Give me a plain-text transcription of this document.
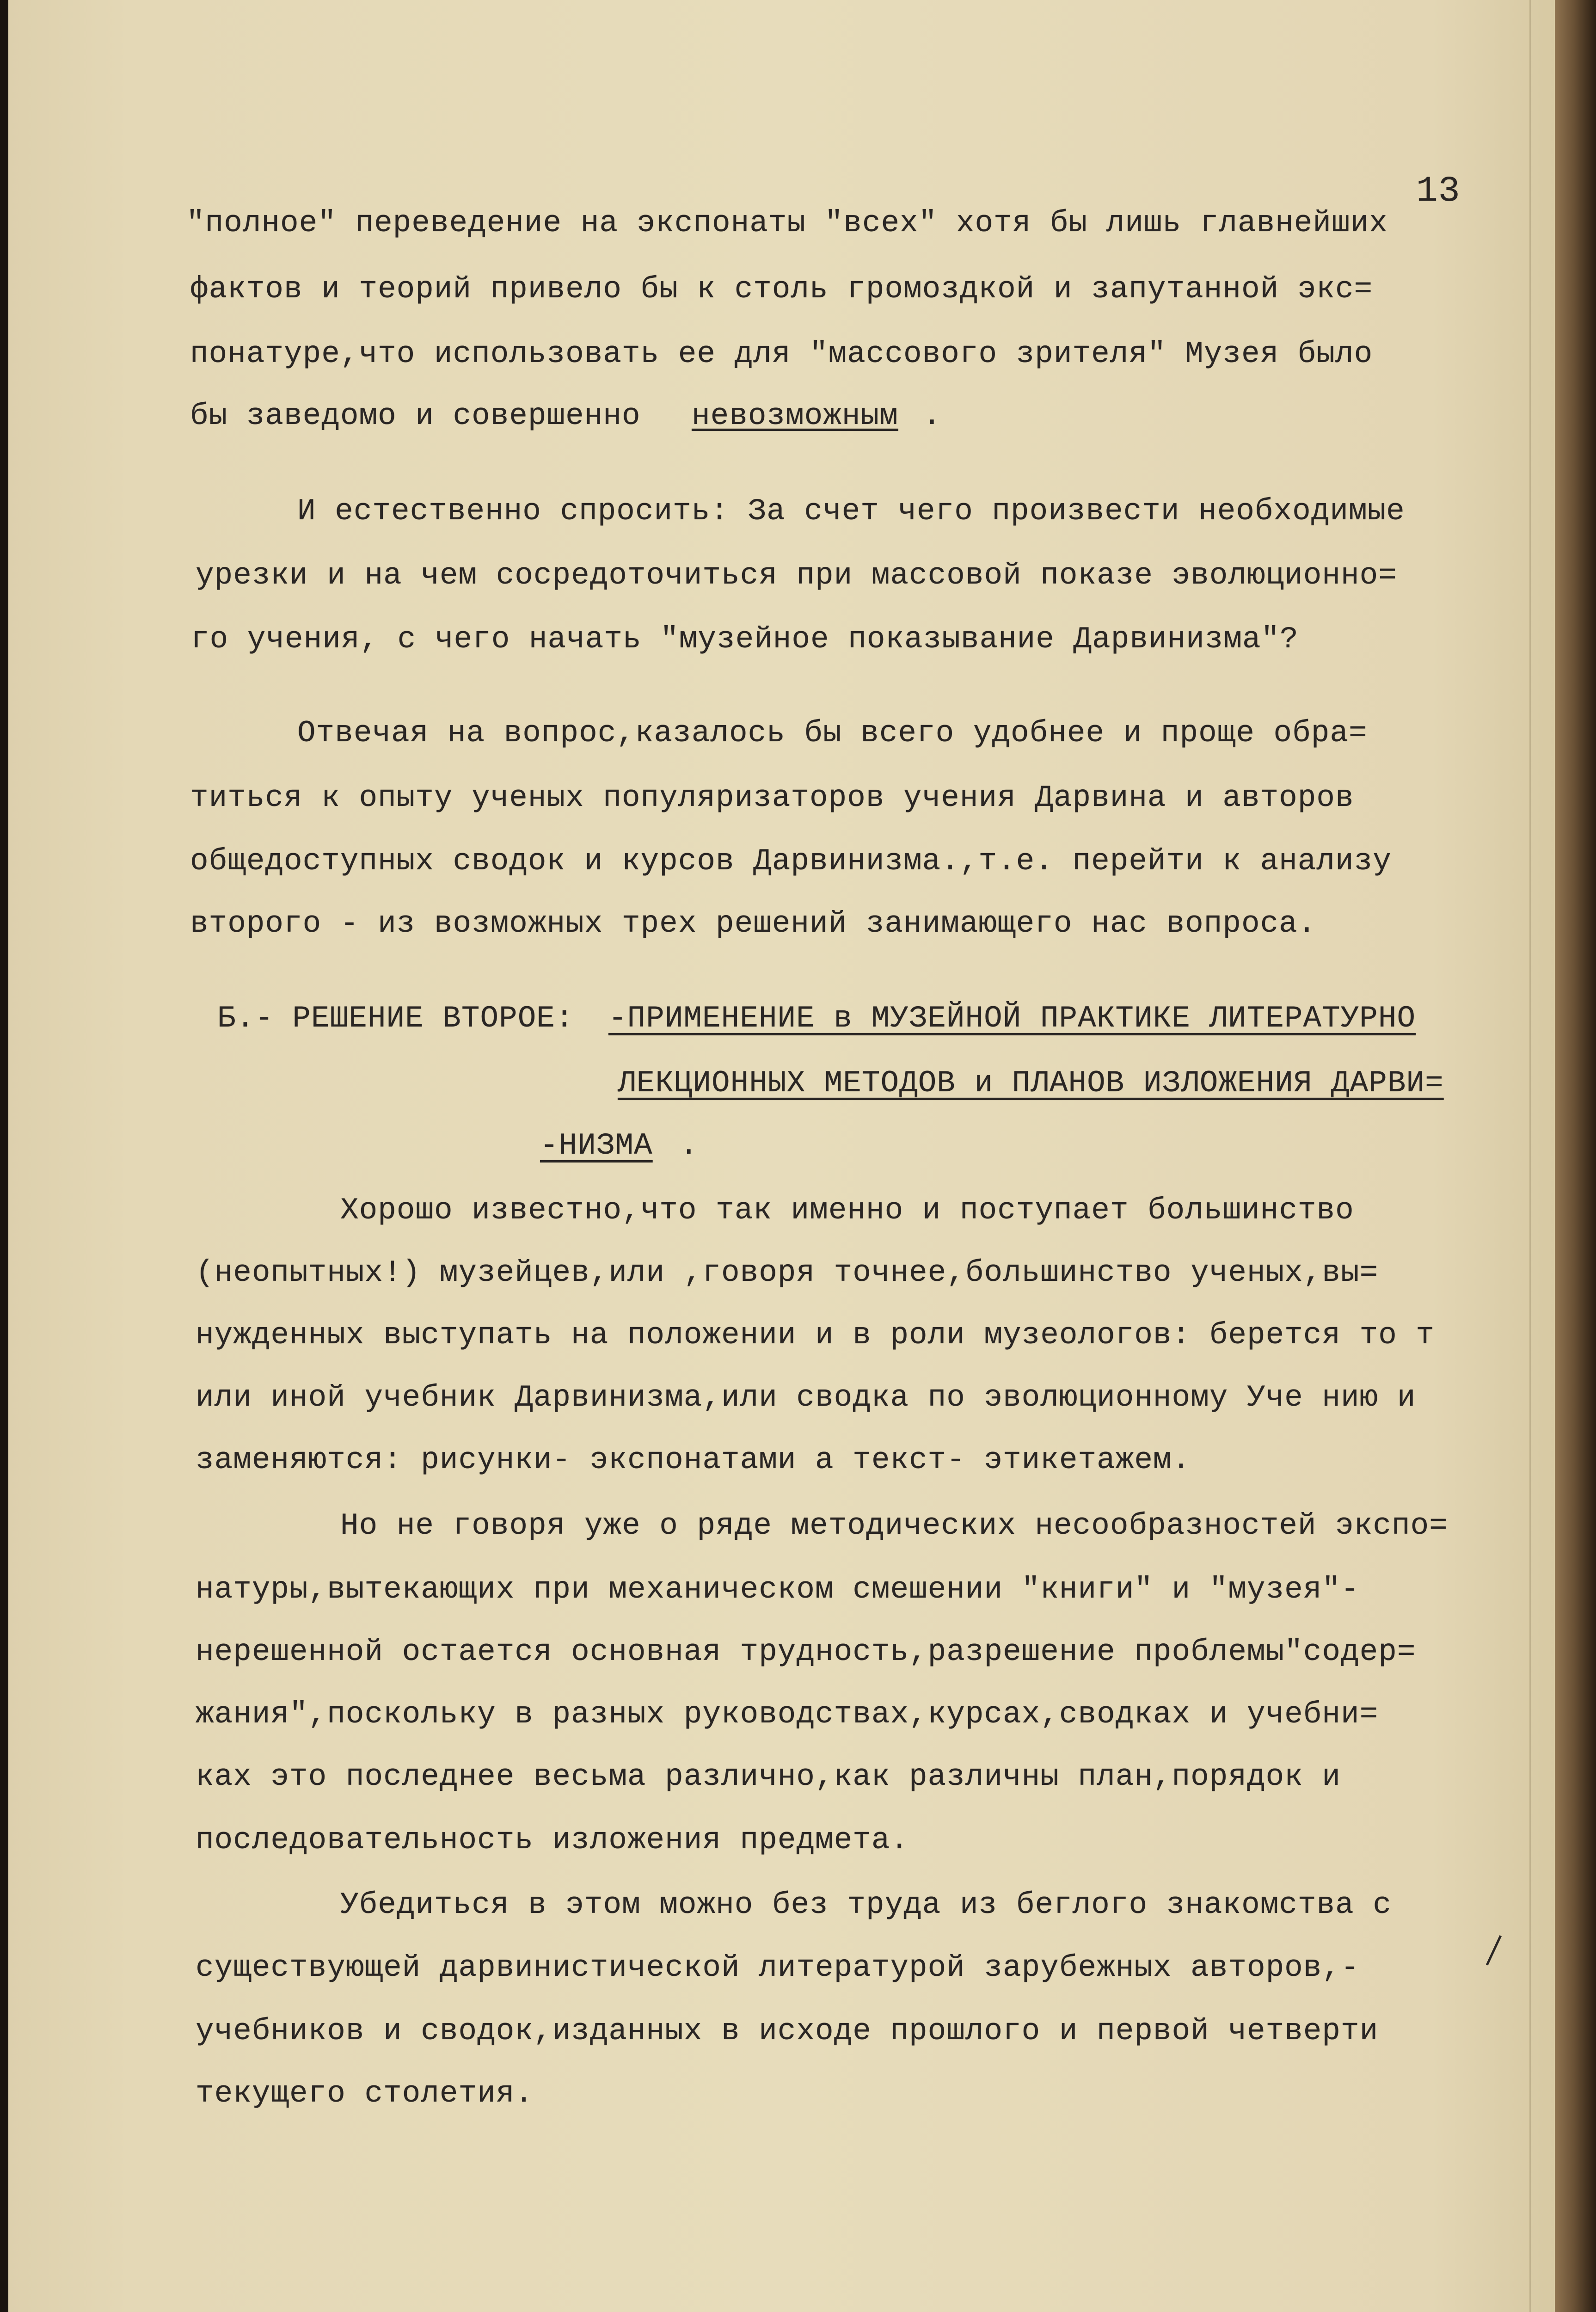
13
"полное" переведение на экспонаты "всех" хотя бы лишь главнейших
фактов и теорий привело бы к столь громоздкой и запутанной экс=
понатуре,что использовать ее для "массового зрителя" Музея было
бы заведомо и совершенно невозможным .
И естественно спросить: За счет чего произвести необходимые
урезки и на чем сосредоточиться при массовой показе эволюционно=
го учения, с чего начать "музейное показывание Дарвинизма"?
Отвечая на вопрос,казалось бы всего удобнее и проще обра=
титься к опыту ученых популяризаторов учения Дарвина и авторов
общедоступных сводок и курсов Дарвинизма.,т.е. перейти к анализу
второго - из возможных трех решений занимающего нас вопроса.
Б.- РЕШЕНИЕ ВТОРОЕ: -ПРИМЕНЕНИЕ в МУЗЕЙНОЙ ПРАКТИКЕ ЛИТЕРАТУРНО
ЛЕКЦИОННЫХ МЕТОДОВ и ПЛАНОВ ИЗЛОЖЕНИЯ ДАРВИ=
-НИЗМА .
Хорошо известно,что так именно и поступает большинство
(неопытных!) музейцев,или ,говоря точнее,большинство ученых,вы=
нужденных выступать на положении и в роли музеологов: берется то т
или иной учебник Дарвинизма,или сводка по эволюционному Уче нию и
заменяются: рисунки- экспонатами а текст- этикетажем.
Но не говоря уже о ряде методических несообразностей экспо=
натуры,вытекающих при механическом смешении "книги" и "музея"-
нерешенной остается основная трудность,разрешение проблемы"содер=
жания",поскольку в разных руководствах,курсах,сводках и учебни=
ках это последнее весьма различно,как различны план,порядок и
последовательность изложения предмета.
Убедиться в этом можно без труда из беглого знакомства с
существующей дарвинистической литературой зарубежных авторов,-
учебников и сводок,изданных в исходе прошлого и первой четверти
текущего столетия.
